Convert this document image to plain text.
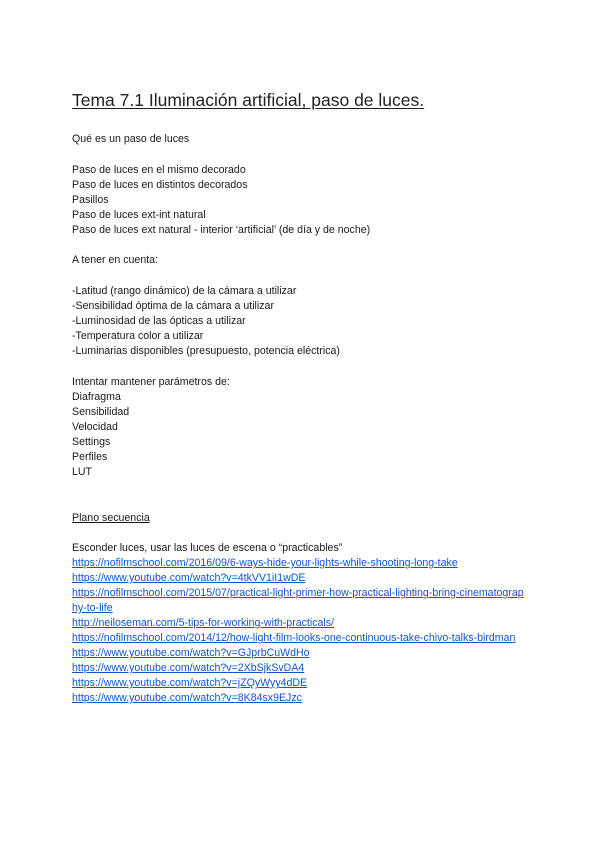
Tema 7.1 Iluminación artificial, paso de luces.
Qué es un paso de luces
Paso de luces en el mismo decorado
Paso de luces en distintos decorados
Pasillos
Paso de luces ext-int natural
Paso de luces ext natural - interior ‘artificial’ (de día y de noche)
A tener en cuenta:
-Latitud (rango dinámico) de la cámara a utilizar
-Sensibilidad óptima de la cámara a utilizar
-Luminosidad de las ópticas a utilizar
-Temperatura color a utilizar
-Luminarias disponibles (presupuesto, potencia eléctrica)
Intentar mantener parámetros de:
Diafragma
Sensibilidad
Velocidad
Settings
Perfiles
LUT
Plano secuencia
Esconder luces, usar las luces de escena o “practicables”
https://nofilmschool.com/2016/09/6-ways-hide-your-lights-while-shooting-long-take
https://www.youtube.com/watch?v=4tkVV1iI1wDE
https://nofilmschool.com/2015/07/practical-light-primer-how-practical-lighting-bring-cinematography-to-life
http://neiloseman.com/5-tips-for-working-with-practicals/
https://nofilmschool.com/2014/12/how-light-film-looks-one-continuous-take-chivo-talks-birdman
https://www.youtube.com/watch?v=GJprbCuWdHo
https://www.youtube.com/watch?v=2XbSjkSvDA4
https://www.youtube.com/watch?v=jZQyWyy4dDE
https://www.youtube.com/watch?v=8K84sx9EJzc
